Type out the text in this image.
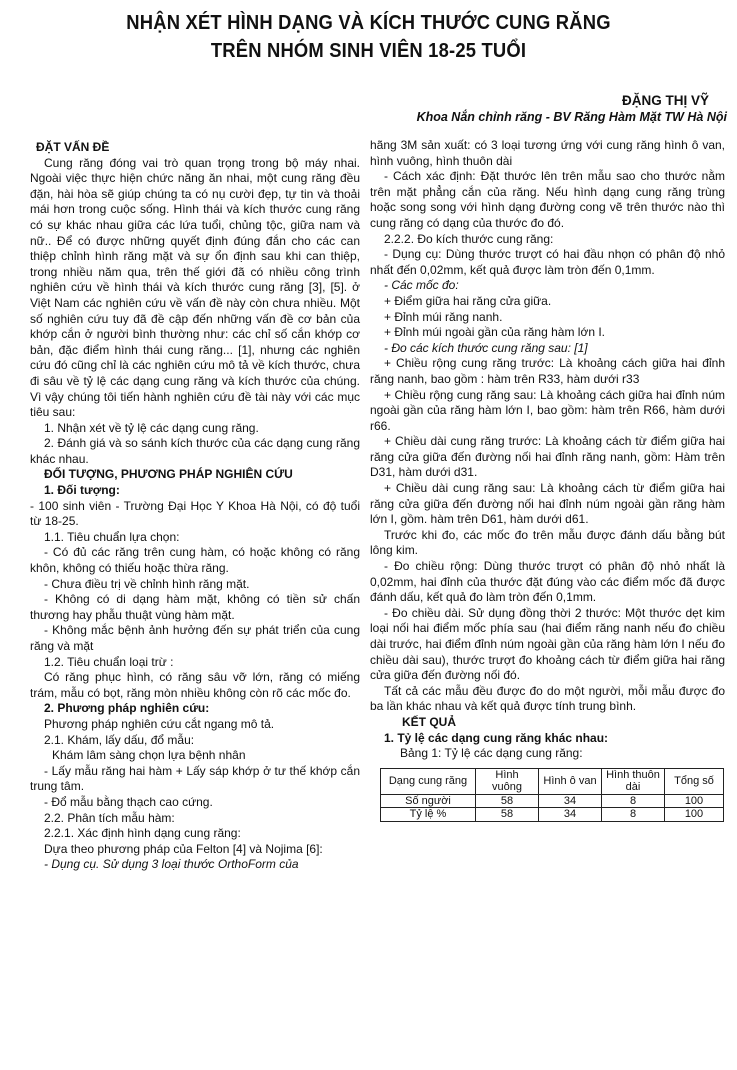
NHẬN XÉT HÌNH DẠNG VÀ KÍCH THƯỚC CUNG RĂNG
TRÊN NHÓM SINH VIÊN 18-25 TUỔI
ĐẶNG THỊ VỸ
Khoa Nắn chỉnh răng - BV Răng Hàm Mặt TW Hà Nội

ĐẶT VẤN ĐỀ

Cung răng đóng vai trò quan trọng trong bộ máy nhai. Ngoài việc thực hiện chức năng ăn nhai, một cung răng đều đặn, hài hòa sẽ giúp chúng ta có nụ cười đẹp, tự tin và thoải mái hơn trong cuộc sống. Hình thái và kích thước cung răng có sự khác nhau giữa các lứa tuổi, chủng tộc, giữa nam và nữ.. Để có được những quyết định đúng đắn cho các can thiệp chỉnh hình răng mặt và sự ổn định sau khi can thiệp, trong nhiều năm qua, trên thế giới đã có nhiều công trình nghiên cứu về hình thái và kích thước cung răng [3], [5]. ở Việt Nam các nghiên cứu về vấn đề này còn chưa nhiều. Một số nghiên cứu tuy đã đề cập đến những vấn đề cơ bản của khớp cắn ở người bình thường như: các chỉ số cắn khớp cơ bản, đặc điểm hình thái cung răng... [1], nhưng các nghiên cứu đó cũng chỉ là các nghiên cứu mô tả về kích thước, chưa đi sâu về tỷ lệ các dạng cung răng và kích thước của chúng. Vì vậy chúng tôi tiến hành nghiên cứu đề tài này với các mục tiêu sau:

1. Nhận xét về tỷ lệ các dạng cung răng.

2. Đánh giá và so sánh kích thước của các dạng cung răng khác nhau.

ĐỐI TƯỢNG, PHƯƠNG PHÁP NGHIÊN CỨU

1. Đối tượng:

- 100 sinh viên - Trường Đại Học Y Khoa Hà Nội, có độ tuổi từ 18-25.

1.1. Tiêu chuẩn lựa chọn:

- Có đủ các răng trên cung hàm, có hoặc không có răng khôn, không có thiếu hoặc thừa răng.

- Chưa điều trị về chỉnh hình răng mặt.

- Không có di dạng hàm mặt, không có tiền sử chấn thương hay phẫu thuật vùng hàm mặt.

- Không mắc bệnh ảnh hưởng đến sự phát triển của cung răng và mặt

1.2. Tiêu chuẩn loại trừ :

Có răng phục hình, có răng sâu vỡ lớn, răng có miếng trám, mẫu có bọt, răng mòn nhiều không còn rõ các mốc đo.

2. Phương pháp nghiên cứu:

Phương pháp nghiên cứu cắt ngang mô tả.

2.1. Khám, lấy dấu, đổ mẫu:

Khám lâm sàng chọn lựa bệnh nhân

- Lấy mẫu răng hai hàm + Lấy sáp khớp ở tư thế khớp cắn trung tâm.

- Đổ mẫu bằng thạch cao cứng.

2.2. Phân tích mẫu hàm:

2.2.1. Xác định hình dạng cung răng:

Dựa theo phương pháp của Felton [4] và Nojima [6]:

- Dụng cụ. Sử dụng 3 loại thước OrthoForm của

hãng 3M sản xuất: có 3 loại tương ứng với cung răng hình ô van, hình vuông, hình thuôn dài

- Cách xác định: Đặt thước lên trên mẫu sao cho thước nằm trên mặt phẳng cắn của răng. Nếu hình dạng cung răng trùng hoặc song song với hình dạng đường cong vẽ trên thước nào thì cung răng có dạng của thước đo đó.

2.2.2. Đo kích thước cung răng:

- Dụng cụ: Dùng thước trượt có hai đầu nhọn có phân độ nhỏ nhất đến 0,02mm, kết quả được làm tròn đến 0,1mm.

- Các mốc đo:

+ Điểm giữa hai răng cửa giữa.

+ Đỉnh múi răng nanh.

+ Đỉnh múi ngoài gần của răng hàm lớn I.

- Đo các kích thước cung răng sau: [1]

+ Chiều rộng cung răng trước: Là khoảng cách giữa hai đỉnh răng nanh, bao gồm : hàm trên R33, hàm dưới r33

+ Chiều rộng cung răng sau: Là khoảng cách giữa hai đỉnh núm ngoài gần của răng hàm lớn I, bao gồm: hàm trên R66, hàm dưới r66.

+ Chiều dài cung răng trước: Là khoảng cách từ điểm giữa hai răng cửa giữa đến đường nối hai đỉnh răng nanh, gồm: Hàm trên D31, hàm dưới d31.

+ Chiều dài cung răng sau: Là khoảng cách từ điểm giữa hai răng cửa giữa đến đường nối hai đỉnh núm ngoài gần răng hàm lớn I, gồm. hàm trên D61, hàm dưới d61.

Trước khi đo, các mốc đo trên mẫu được đánh dấu bằng bút lông kim.

- Đo chiều rộng: Dùng thước trượt có phân độ nhỏ nhất là 0,02mm, hai đỉnh của thước đặt đúng vào các điểm mốc đã được đánh dấu, kết quả đo làm tròn đến 0,1mm.

- Đo chiều dài. Sử dụng đồng thời 2 thước: Một thước dẹt kim loại nối hai điểm mốc phía sau (hai điểm răng nanh nếu đo chiều dài trước, hai điểm đỉnh núm ngoài gần của răng hàm lớn I nếu đo chiều dài sau), thước trượt đo khoảng cách từ điểm giữa hai răng cửa giữa đến đường nối đó.

Tất cả các mẫu đều được đo do một người, mỗi mẫu được đo ba lần khác nhau và kết quả được tính trung bình.

KẾT QUẢ

1. Tỷ lệ các dạng cung răng khác nhau:

Bảng 1: Tỷ lệ các dạng cung răng:

Dạng cung răng	Hình vuông	Hình ô van	Hình thuôn dài	Tổng số
Số người	58	34	8	100
Tỷ lệ %	58	34	8	100
